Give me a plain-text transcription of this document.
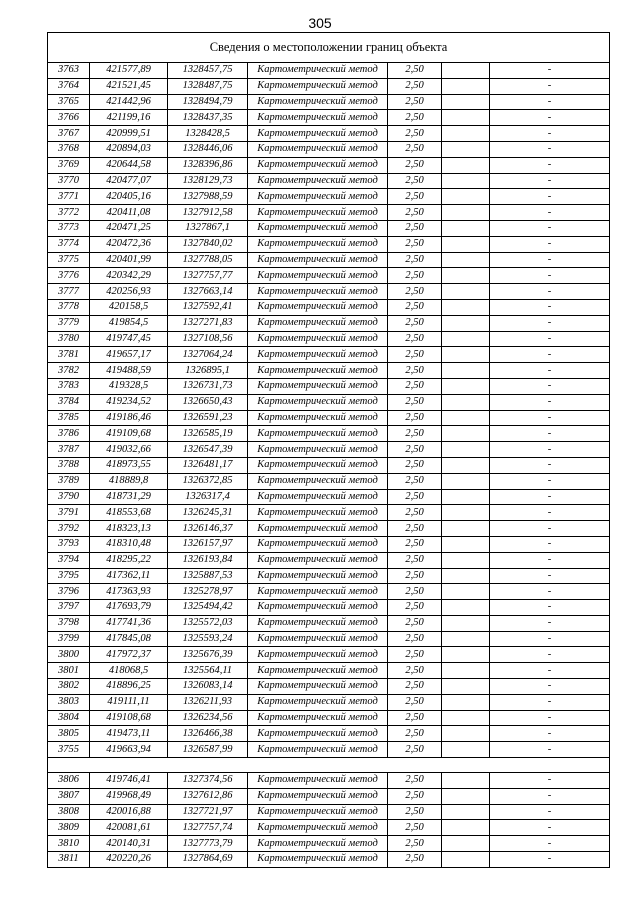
305
Сведения о местоположении границ объекта						
3763	421577,89	1328457,75	Картометрический метод	2,50		-
3764	421521,45	1328487,75	Картометрический метод	2,50		-
3765	421442,96	1328494,79	Картометрический метод	2,50		-
3766	421199,16	1328437,35	Картометрический метод	2,50		-
3767	420999,51	1328428,5	Картометрический метод	2,50		-
3768	420894,03	1328446,06	Картометрический метод	2,50		-
3769	420644,58	1328396,86	Картометрический метод	2,50		-
3770	420477,07	1328129,73	Картометрический метод	2,50		-
3771	420405,16	1327988,59	Картометрический метод	2,50		-
3772	420411,08	1327912,58	Картометрический метод	2,50		-
3773	420471,25	1327867,1	Картометрический метод	2,50		-
3774	420472,36	1327840,02	Картометрический метод	2,50		-
3775	420401,99	1327788,05	Картометрический метод	2,50		-
3776	420342,29	1327757,77	Картометрический метод	2,50		-
3777	420256,93	1327663,14	Картометрический метод	2,50		-
3778	420158,5	1327592,41	Картометрический метод	2,50		-
3779	419854,5	1327271,83	Картометрический метод	2,50		-
3780	419747,45	1327108,56	Картометрический метод	2,50		-
3781	419657,17	1327064,24	Картометрический метод	2,50		-
3782	419488,59	1326895,1	Картометрический метод	2,50		-
3783	419328,5	1326731,73	Картометрический метод	2,50		-
3784	419234,52	1326650,43	Картометрический метод	2,50		-
3785	419186,46	1326591,23	Картометрический метод	2,50		-
3786	419109,68	1326585,19	Картометрический метод	2,50		-
3787	419032,66	1326547,39	Картометрический метод	2,50		-
3788	418973,55	1326481,17	Картометрический метод	2,50		-
3789	418889,8	1326372,85	Картометрический метод	2,50		-
3790	418731,29	1326317,4	Картометрический метод	2,50		-
3791	418553,68	1326245,31	Картометрический метод	2,50		-
3792	418323,13	1326146,37	Картометрический метод	2,50		-
3793	418310,48	1326157,97	Картометрический метод	2,50		-
3794	418295,22	1326193,84	Картометрический метод	2,50		-
3795	417362,11	1325887,53	Картометрический метод	2,50		-
3796	417363,93	1325278,97	Картометрический метод	2,50		-
3797	417693,79	1325494,42	Картометрический метод	2,50		-
3798	417741,36	1325572,03	Картометрический метод	2,50		-
3799	417845,08	1325593,24	Картометрический метод	2,50		-
3800	417972,37	1325676,39	Картометрический метод	2,50		-
3801	418068,5	1325564,11	Картометрический метод	2,50		-
3802	418896,25	1326083,14	Картометрический метод	2,50		-
3803	419111,11	1326211,93	Картометрический метод	2,50		-
3804	419108,68	1326234,56	Картометрический метод	2,50		-
3805	419473,11	1326466,38	Картометрический метод	2,50		-
3755	419663,94	1326587,99	Картометрический метод	2,50		-

3806	419746,41	1327374,56	Картометрический метод	2,50		-
3807	419968,49	1327612,86	Картометрический метод	2,50		-
3808	420016,88	1327721,97	Картометрический метод	2,50		-
3809	420081,61	1327757,74	Картометрический метод	2,50		-
3810	420140,31	1327773,79	Картометрический метод	2,50		-
3811	420220,26	1327864,69	Картометрический метод	2,50		-
